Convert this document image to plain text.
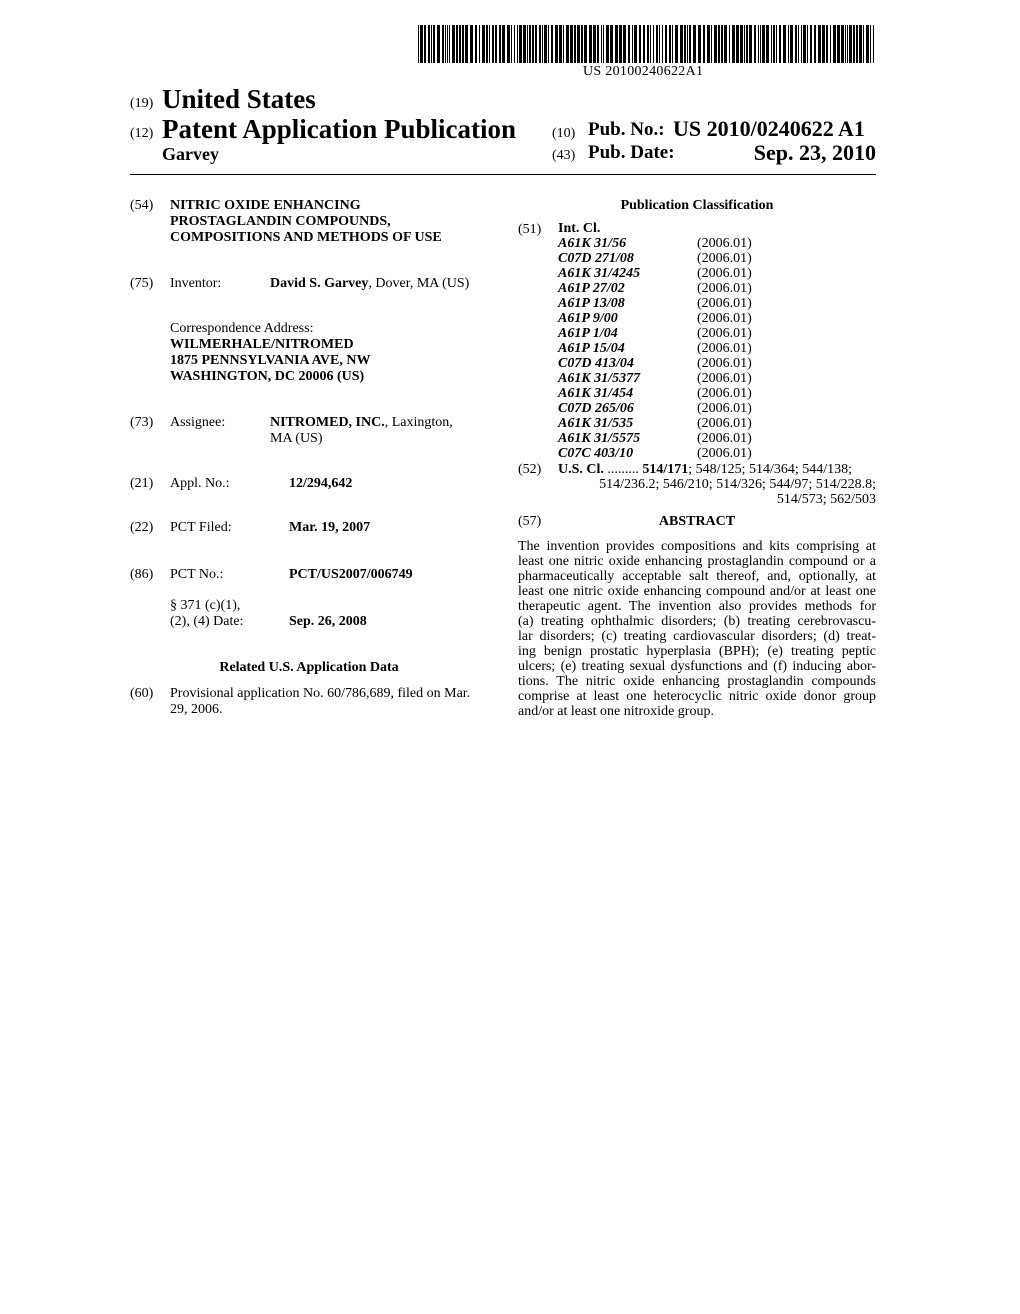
US 20100240622A1
(19) United States
(12) Patent Application Publication
Garvey
(10) Pub. No.: US 2010/0240622 A1
(43) Pub. Date:	Sep. 23, 2010
(54) NITRIC OXIDE ENHANCING
PROSTAGLANDIN COMPOUNDS,
COMPOSITIONS AND METHODS OF USE
(75) Inventor:	David S. Garvey, Dover, MA (US)
Correspondence Address:
WILMERHALE/NITROMED
1875 PENNSYLVANIA AVE, NW
WASHINGTON, DC 20006 (US)
(73) Assignee:	NITROMED, INC., Laxington,
MA (US)
(21) Appl. No.:	12/294,642
(22) PCT Filed:	Mar. 19, 2007
(86) PCT No.:	PCT/US2007/006749
§ 371 (c)(1),
(2), (4) Date:	Sep. 26, 2008
Related U.S. Application Data
(60) Provisional application No. 60/786,689, filed on Mar.
29, 2006.
Publication Classification
(51) Int. Cl.
A61K 31/56	(2006.01)
C07D 271/08	(2006.01)
A61K 31/4245	(2006.01)
A61P 27/02	(2006.01)
A61P 13/08	(2006.01)
A61P 9/00	(2006.01)
A61P 1/04	(2006.01)
A61P 15/04	(2006.01)
C07D 413/04	(2006.01)
A61K 31/5377	(2006.01)
A61K 31/454	(2006.01)
C07D 265/06	(2006.01)
A61K 31/535	(2006.01)
A61K 31/5575	(2006.01)
C07C 403/10	(2006.01)
(52) U.S. Cl. ......... 514/171; 548/125; 514/364; 544/138;
514/236.2; 546/210; 514/326; 544/97; 514/228.8;
514/573; 562/503
(57)	ABSTRACT
The invention provides compositions and kits comprising at
least one nitric oxide enhancing prostaglandin compound or a
pharmaceutically acceptable salt thereof, and, optionally, at
least one nitric oxide enhancing compound and/or at least one
therapeutic agent. The invention also provides methods for
(a) treating ophthalmic disorders; (b) treating cerebrovascu-
lar disorders; (c) treating cardiovascular disorders; (d) treat-
ing benign prostatic hyperplasia (BPH); (e) treating peptic
ulcers; (e) treating sexual dysfunctions and (f) inducing abor-
tions. The nitric oxide enhancing prostaglandin compounds
comprise at least one heterocyclic nitric oxide donor group
and/or at least one nitroxide group.
